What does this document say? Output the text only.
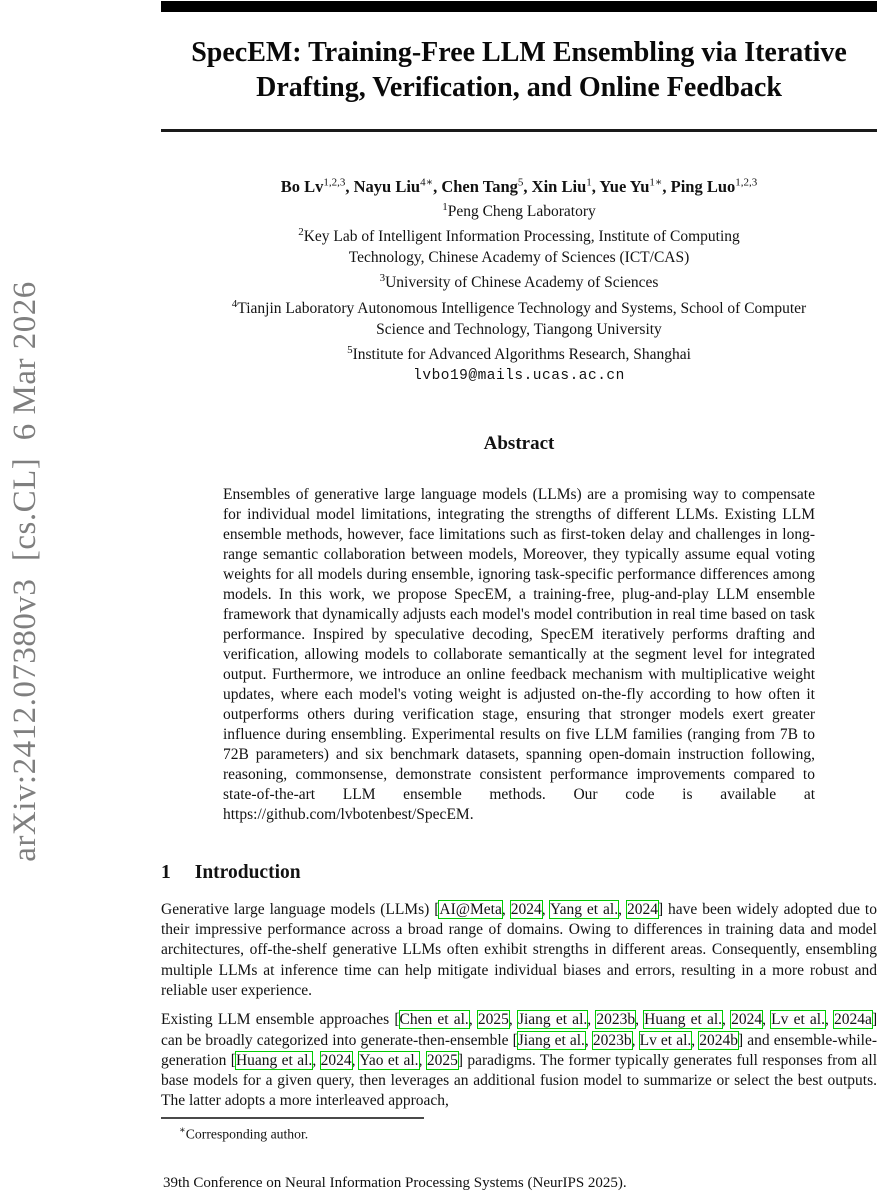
arXiv:2412.07380v3  [cs.CL]  6 Mar 2026
SpecEM: Training-Free LLM Ensembling via Iterative
Drafting, Verification, and Online Feedback
Bo Lv$^{1,2,3}$, Nayu Liu$^{4∗}$, Chen Tang$^5$, Xin Liu$^1$, Yue $Yu^{1∗}$, Ping Luo$^{1,2,3}$
$^1$Peng Cheng Laboratory
$^2$Key Lab of Intelligent Information Processing, Institute of Computing Technology, Chinese Academy of Sciences (ICT/CAS)
$^3$University of Chinese Academy of Sciences
$^4$Tianjin Laboratory Autonomous Intelligence Technology and Systems, School of Computer Science and Technology, Tiangong University
$^5$Institute for Advanced Algorithms Research, Shanghai
lvbo19@mails.ucas.ac.cn
Abstract
Ensembles of generative large language models (LLMs) are a promising way to compensate for individual model limitations, integrating the strengths of different LLMs. Existing LLM ensemble methods, however, face limitations such as first-token delay and challenges in long-range semantic collaboration between models, Moreover, they typically assume equal voting weights for all models during ensemble, ignoring task-specific performance differences among models. In this work, we propose SpecEM, a training-free, plug-and-play LLM ensemble framework that dynamically adjusts each model's model contribution in real time based on task performance. Inspired by speculative decoding, SpecEM iteratively performs drafting and verification, allowing models to collaborate semantically at the segment level for integrated output. Furthermore, we introduce an online feedback mechanism with multiplicative weight updates, where each model's voting weight is adjusted on-the-fly according to how often it outperforms others during verification stage, ensuring that stronger models exert greater influence during ensembling. Experimental results on five LLM families (ranging from 7B to 72B parameters) and six benchmark datasets, spanning open-domain instruction following, reasoning, commonsense, demonstrate consistent performance improvements compared to state-of-the-art LLM ensemble methods. Our code is available at https://github.com/lvbotenbest/SpecEM.
1 Introduction
Generative large language models (LLMs) [AI@Meta, 2024, Yang et al., 2024] have been widely adopted due to their impressive performance across a broad range of domains. Owing to differences in training data and model architectures, off-the-shelf generative LLMs often exhibit strengths in different areas. Consequently, ensembling multiple LLMs at inference time can help mitigate individual biases and errors, resulting in a more robust and reliable user experience.
Existing LLM ensemble approaches [Chen et al., 2025, Jiang et al., 2023b, Huang et al., 2024, Lv et al., 2024a] can be broadly categorized into generate-then-ensemble [Jiang et al., 2023b, Lv et al., 2024b] and ensemble-while-generation [Huang et al., 2024, Yao et al., 2025] paradigms. The former typically generates full responses from all base models for a given query, then leverages an additional fusion model to summarize or select the best outputs. The latter adopts a more interleaved approach,
∗Corresponding author.
39th Conference on Neural Information Processing Systems (NeurIPS 2025).
